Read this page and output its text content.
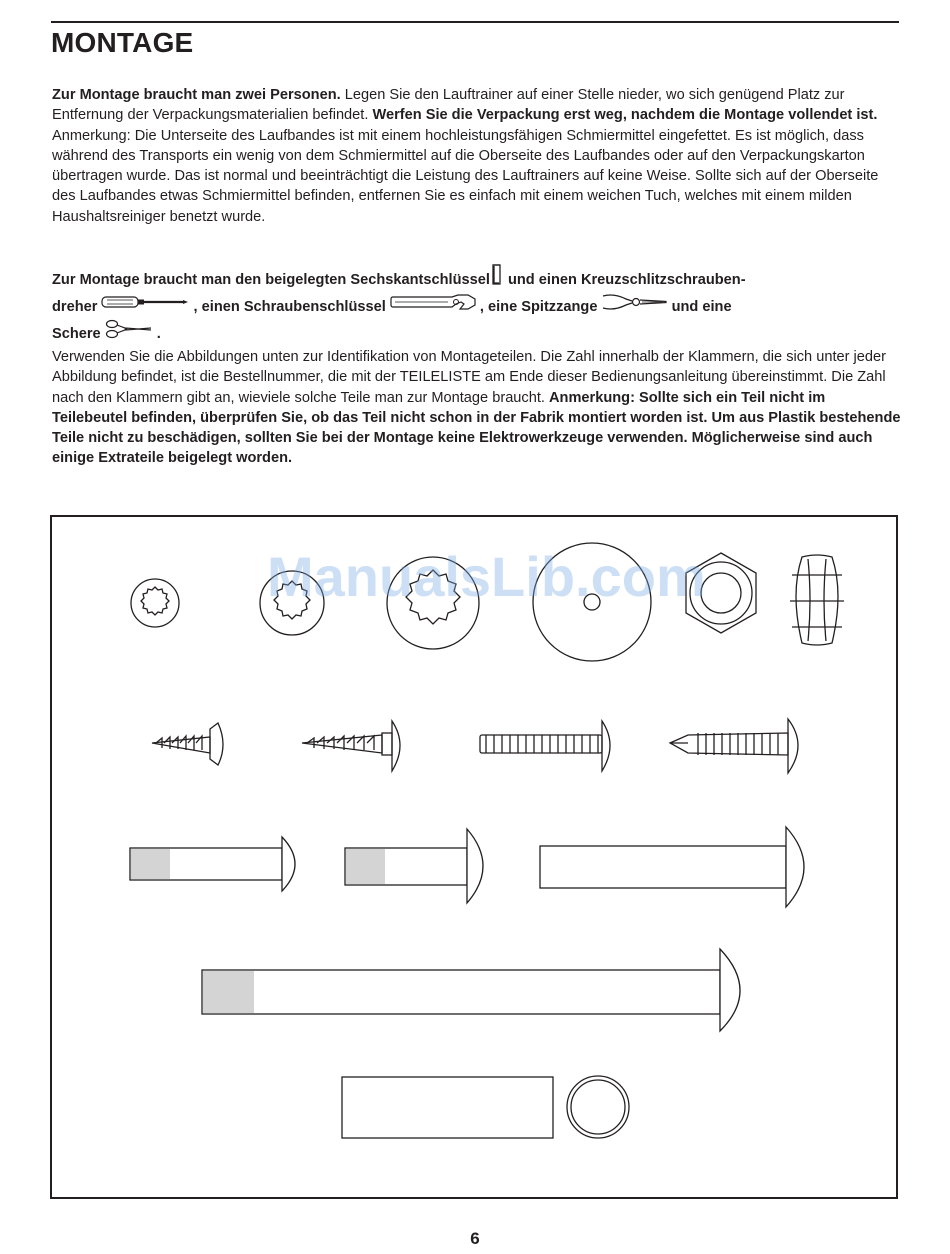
MONTAGE

Zur Montage braucht man zwei Personen. Legen Sie den Lauftrainer auf einer Stelle nieder, wo sich genügend Platz zur Entfernung der Verpackungsmaterialien befindet. Werfen Sie die Verpackung erst weg, nachdem die Montage vollendet ist. Anmerkung: Die Unterseite des Laufbandes ist mit einem hochleistungsfähigen Schmiermittel eingefettet. Es ist möglich, dass während des Transports ein wenig von dem Schmiermittel auf die Oberseite des Laufbandes oder auf den Verpackungskarton übertragen wurde. Das ist normal und beeinträchtigt die Leistung des Lauftrainers auf keine Weise. Sollte sich auf der Oberseite des Laufbandes etwas Schmiermittel befinden, entfernen Sie es einfach mit einem weichen Tuch, welches mit einem milden Haushaltsreiniger benetzt wurde.

Zur Montage braucht man den beigelegten Sechskantschlüssel und einen Kreuzschlitzschrauben-
dreher	, einen Schraubenschlüssel	, eine Spitzzange	und eine
Schere	.

Verwenden Sie die Abbildungen unten zur Identifikation von Montageteilen. Die Zahl innerhalb der Klammern, die sich unter jeder Abbildung befindet, ist die Bestellnummer, die mit der TEILELISTE am Ende dieser Bedienungsanleitung übereinstimmt. Die Zahl nach den Klammern gibt an, wieviele solche Teile man zur Montage braucht. Anmerkung: Sollte sich ein Teil nicht im Teilebeutel befinden, überprüfen Sie, ob das Teil nicht schon in der Fabrik montiert worden ist. Um aus Plastik bestehende Teile nicht zu beschädigen, sollten Sie bei der Montage keine Elektrowerkzeuge verwenden. Möglicherweise sind auch einige Extrateile beigelegt worden.

ManualsLib.com
6
